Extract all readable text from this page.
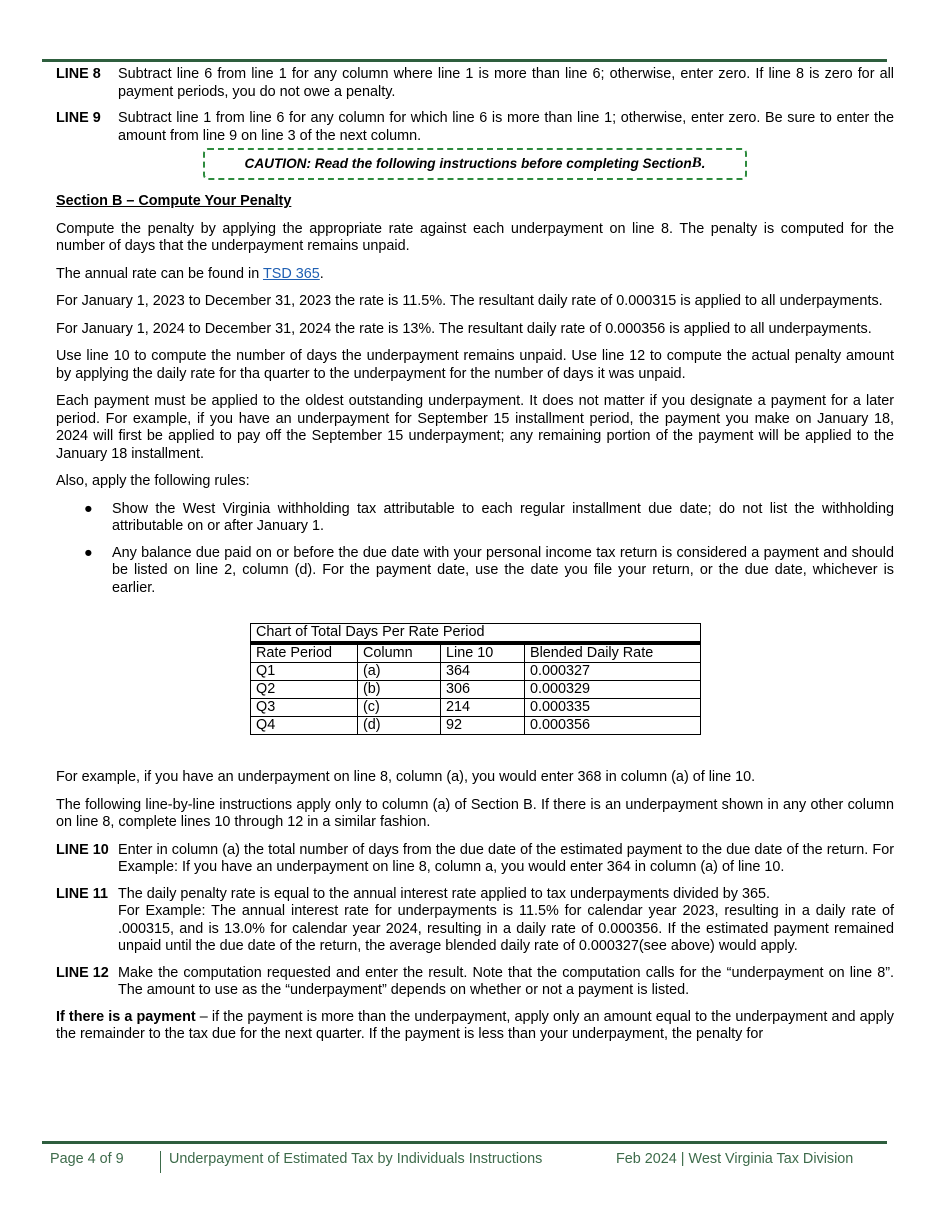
LINE 8	Subtract line 6 from line 1 for any column where line 1 is more than line 6; otherwise, enter zero. If line 8 is zero for all payment periods, you do not owe a penalty.
LINE 9	Subtract line 1 from line 6 for any column for which line 6 is more than line 1; otherwise, enter zero. Be sure to enter the amount from line 9 on line 3 of the next column.
CAUTION: Read the following instructions before completing Section B .
Section B – Compute Your Penalty

Compute the penalty by applying the appropriate rate against each underpayment on line 8. The penalty is computed for the number of days that the underpayment remains unpaid.

The annual rate can be found in TSD 365.

For January 1, 2023 to December 31, 2023 the rate is 11.5%. The resultant daily rate of 0.000315 is applied to all underpayments.

For January 1, 2024 to December 31, 2024 the rate is 13%. The resultant daily rate of 0.000356 is applied to all underpayments.

Use line 10 to compute the number of days the underpayment remains unpaid. Use line 12 to compute the actual penalty amount by applying the daily rate for tha quarter to the underpayment for the number of days it was unpaid.

Each payment must be applied to the oldest outstanding underpayment. It does not matter if you designate a payment for a later period. For example, if you have an underpayment for September 15 installment period, the payment you make on January 18, 2024 will first be applied to pay off the September 15 underpayment; any remaining portion of the payment will be applied to the January 18 installment.

Also, apply the following rules:

●	Show the West Virginia withholding tax attributable to each regular installment due date; do not list the withholding attributable on or after January 1.
●	Any balance due paid on or before the due date with your personal income tax return is considered a payment and should be listed on line 2, column (d). For the payment date, use the date you file your return, or the due date, whichever is earlier.
Chart of Total Days Per Rate Period			
Rate Period	Column	Line 10	Blended Daily Rate
Q1	(a)	364	0.000327
Q2	(b)	306	0.000329
Q3	(c)	214	0.000335
Q4	(d)	92	0.000356

For example, if you have an underpayment on line 8, column (a), you would enter 368 in column (a) of line 10.

The following line-by-line instructions apply only to column (a) of Section B. If there is an underpayment shown in any other column on line 8, complete lines 10 through 12 in a similar fashion.

LINE 10 Enter in column (a) the total number of days from the due date of the estimated payment to the due date of the return. For Example: If you have an underpayment on line 8, column a, you would enter 364 in column (a) of line 10.
LINE 11 The daily penalty rate is equal to the annual interest rate applied to tax underpayments divided by 365.
For Example: The annual interest rate for underpayments is 11.5% for calendar year 2023, resulting in a daily rate of .000315, and is 13.0% for calendar year 2024, resulting in a daily rate of 0.000356. If the estimated payment remained unpaid until the due date of the return, the average blended daily rate of 0.000327(see above) would apply.
LINE 12 Make the computation requested and enter the result. Note that the computation calls for the “underpayment on line 8”. The amount to use as the “underpayment” depends on whether or not a payment is listed.

If there is a payment – if the payment is more than the underpayment, apply only an amount equal to the underpayment and apply the remainder to the tax due for the next quarter. If the payment is less than your underpayment, the penalty for

Page 4 of 9	Underpayment of Estimated Tax by Individuals Instructions	Feb 2024 | West Virginia Tax Division
